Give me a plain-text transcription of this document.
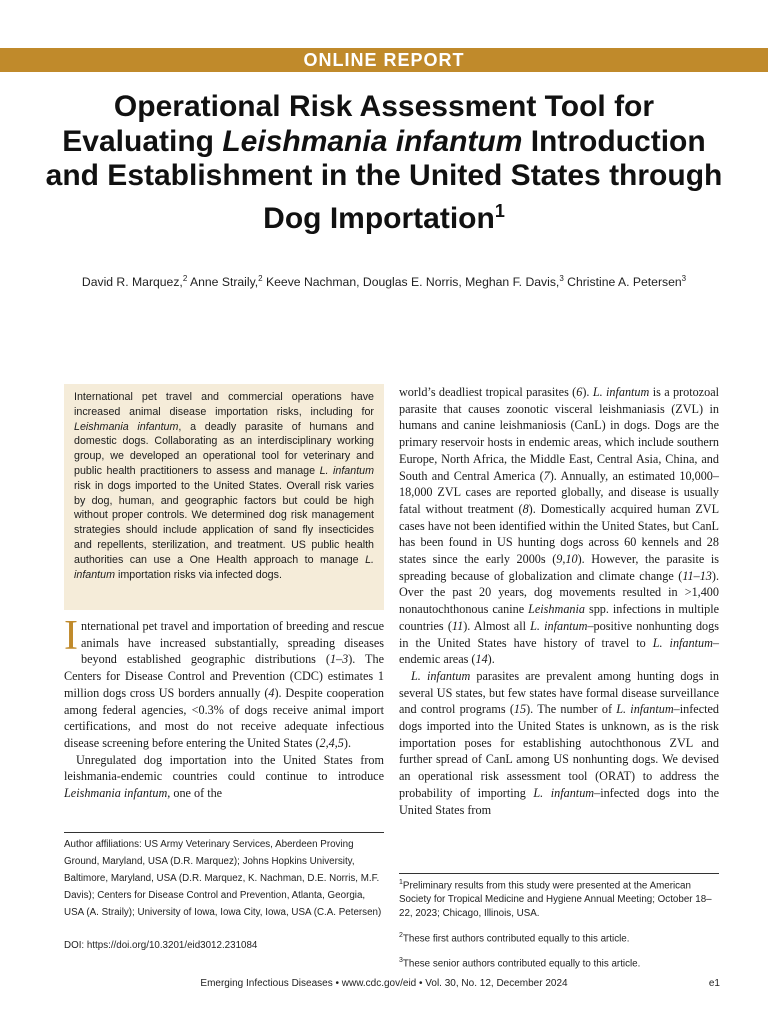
ONLINE REPORT
Operational Risk Assessment Tool for Evaluating Leishmania infantum Introduction and Establishment in the United States through Dog Importation$^1$
David R. Marquez,$^2$ Anne Straily,$^2$ Keeve Nachman, Douglas E. Norris, Meghan F. Davis,$^3$ Christine A. Petersen$^3$
International pet travel and commercial operations have increased animal disease importation risks, including for Leishmania infantum, a deadly parasite of humans and domestic dogs. Collaborating as an interdisciplinary working group, we developed an operational tool for veterinary and public health practitioners to assess and manage L. infantum risk in dogs imported to the United States. Overall risk varies by dog, human, and geographic factors but could be high without proper controls. We determined dog risk management strategies should include application of sand fly insecticides and repellents, sterilization, and treatment. US public health authorities can use a One Health approach to manage L. infantum importation risks via infected dogs.

International pet travel and importation of breeding and rescue animals have increased substantially, spreading diseases beyond established geographic distributions (1–3). The Centers for Disease Control and Prevention (CDC) estimates 1 million dogs cross US borders annually (4). Despite cooperation among federal agencies, <0.3% of dogs receive animal import certifications, and most do not receive adequate infectious disease screening before entering the United States (2,4,5).

Unregulated dog importation into the United States from leishmania-endemic countries could continue to introduce Leishmania infantum, one of the

world’s deadliest tropical parasites (6). L. infantum is a protozoal parasite that causes zoonotic visceral leishmaniasis (ZVL) in humans and canine leishmaniosis (CanL) in dogs. Dogs are the primary reservoir hosts in endemic areas, which include southern Europe, North Africa, the Middle East, Central Asia, China, and South and Central America (7). Annually, an estimated 10,000–18,000 ZVL cases are reported globally, and disease is usually fatal without treatment (8). Domestically acquired human ZVL cases have not been identified within the United States, but CanL has been found in US hunting dogs across 60 kennels and 28 states since the early 2000s (9,10). However, the parasite is spreading because of globalization and climate change (11–13). Over the past 20 years, dog movements resulted in >1,400 nonautochthonous canine Leishmania spp. infections in multiple countries (11). Almost all L. infantum–positive nonhunting dogs in the United States have history of travel to L. infantum–endemic areas (14).

L. infantum parasites are prevalent among hunting dogs in several US states, but few states have formal disease surveillance and control programs (15). The number of L. infantum–infected dogs imported into the United States is unknown, as is the risk importation poses for establishing autochthonous ZVL and further spread of CanL among US nonhunting dogs. We devised an operational risk assessment tool (ORAT) to address the probability of importing L. infantum–infected dogs into the United States from

Author affiliations: US Army Veterinary Services, Aberdeen Proving Ground, Maryland, USA (D.R. Marquez); Johns Hopkins University, Baltimore, Maryland, USA (D.R. Marquez, K. Nachman, D.E. Norris, M.F. Davis); Centers for Disease Control and Prevention, Atlanta, Georgia, USA (A. Straily); University of Iowa, Iowa City, Iowa, USA (C.A. Petersen)
DOI: https://doi.org/10.3201/eid3012.231084

$^1$Preliminary results from this study were presented at the American Society for Tropical Medicine and Hygiene Annual Meeting; October 18–22, 2023; Chicago, Illinois, USA.

$^2$These first authors contributed equally to this article.

$^3$These senior authors contributed equally to this article.

Emerging Infectious Diseases • www.cdc.gov/eid • Vol. 30, No. 12, December 2024	e1
